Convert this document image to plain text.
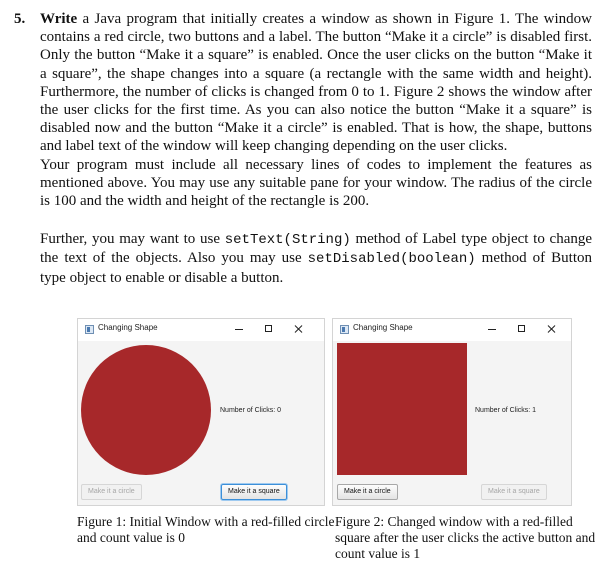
5. Write a Java program that initially creates a window as shown in Figure 1. The window contains a red circle, two buttons and a label. The button “Make it a circle” is disabled first. Only the button “Make it a square” is enabled. Once the user clicks on the button “Make it a square”, the shape changes into a square (a rectangle with the same width and height). Furthermore, the number of clicks is changed from 0 to 1. Figure 2 shows the window after the user clicks for the first time. As you can also notice the button “Make it a square” is disabled now and the button “Make it a circle” is enabled. That is how, the shape, buttons and label text of the window will keep changing depending on the user clicks.

Your program must include all necessary lines of codes to implement the features as mentioned above. You may use any suitable pane for your window. The radius of the circle is 100 and the width and height of the rectangle is 200.

Further, you may want to use setText(String) method of Label type object to change the text of the objects. Also you may use setDisabled(boolean) method of Button type object to enable or disable a button.

Changing Shape
Number of Clicks: 0
Make it a circle	Make it a square
Changing Shape
Number of Clicks: 1
Make it a circle	Make it a square
Figure 1: Initial Window with a red-filled circle and count value is 0
Figure 2: Changed window with a red-filled square after the user clicks the active button and count value is 1
